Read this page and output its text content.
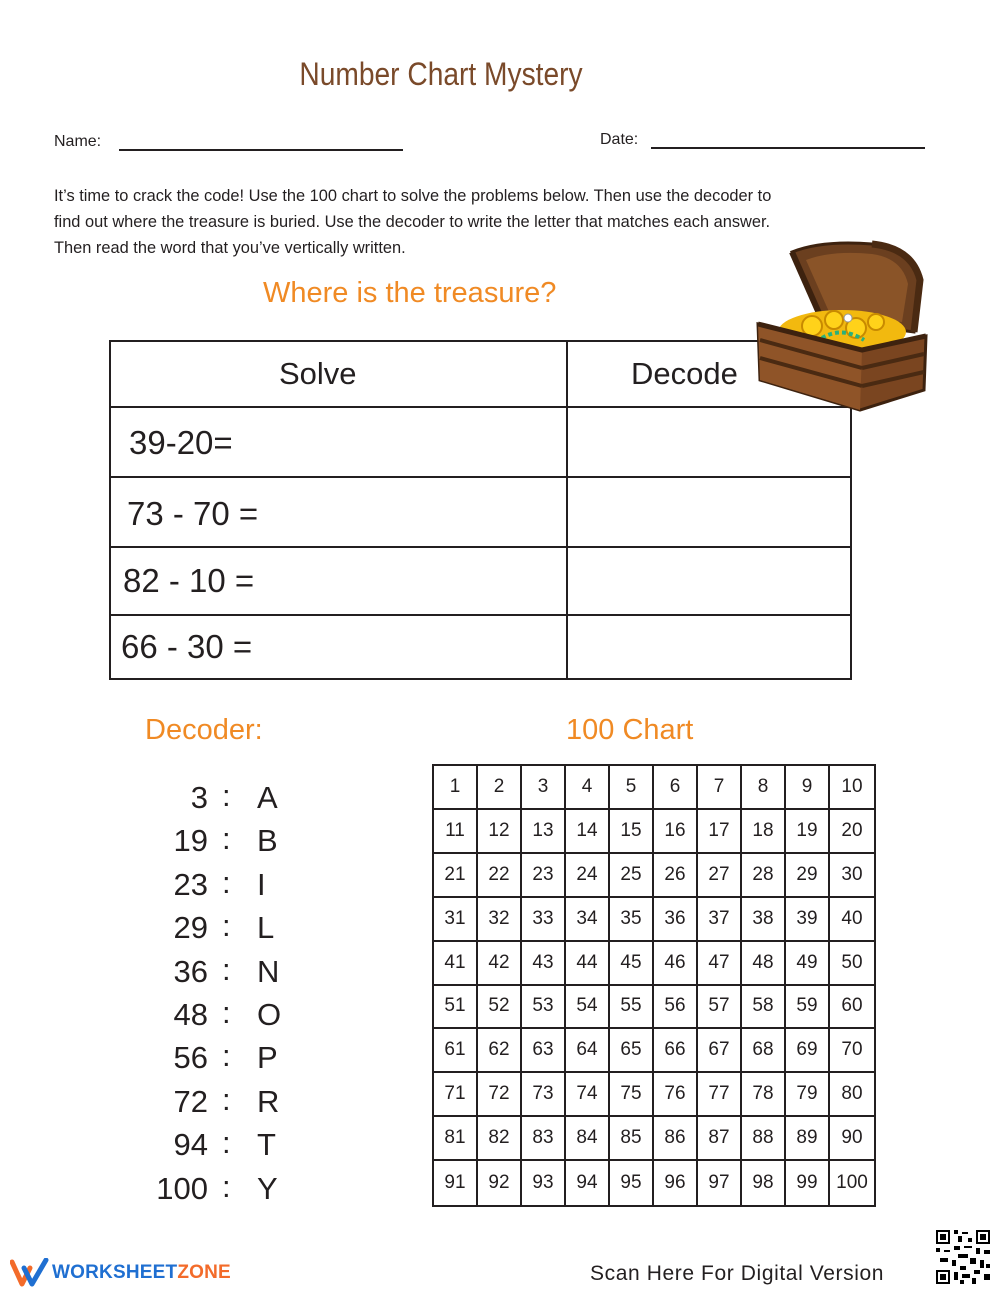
Number Chart Mystery
Name:	Date:
It’s time to crack the code! Use the 100 chart to solve the problems below. Then use the decoder to find out where the treasure is buried. Use the decoder to write the letter that matches each answer. Then read the word that you’ve vertically written.
Where is the treasure?
Solve	Decode
39-20=
73 - 70 =
82 - 10 =
66 - 30 =
Decoder:
3 : A
19 : B
23 : I
29 : L
36 : N
48 : O
56 : P
72 : R
94 : T
100 : Y
100 Chart
1	2	3	4	5	6	7	8	9	10
11	12	13	14	15	16	17	18	19	20
21	22	23	24	25	26	27	28	29	30
31	32	33	34	35	36	37	38	39	40
41	42	43	44	45	46	47	48	49	50
51	52	53	54	55	56	57	58	59	60
61	62	63	64	65	66	67	68	69	70
71	72	73	74	75	76	77	78	79	80
81	82	83	84	85	86	87	88	89	90
91	92	93	94	95	96	97	98	99 100
WORKSHEETZONE	Scan Here For Digital Version
